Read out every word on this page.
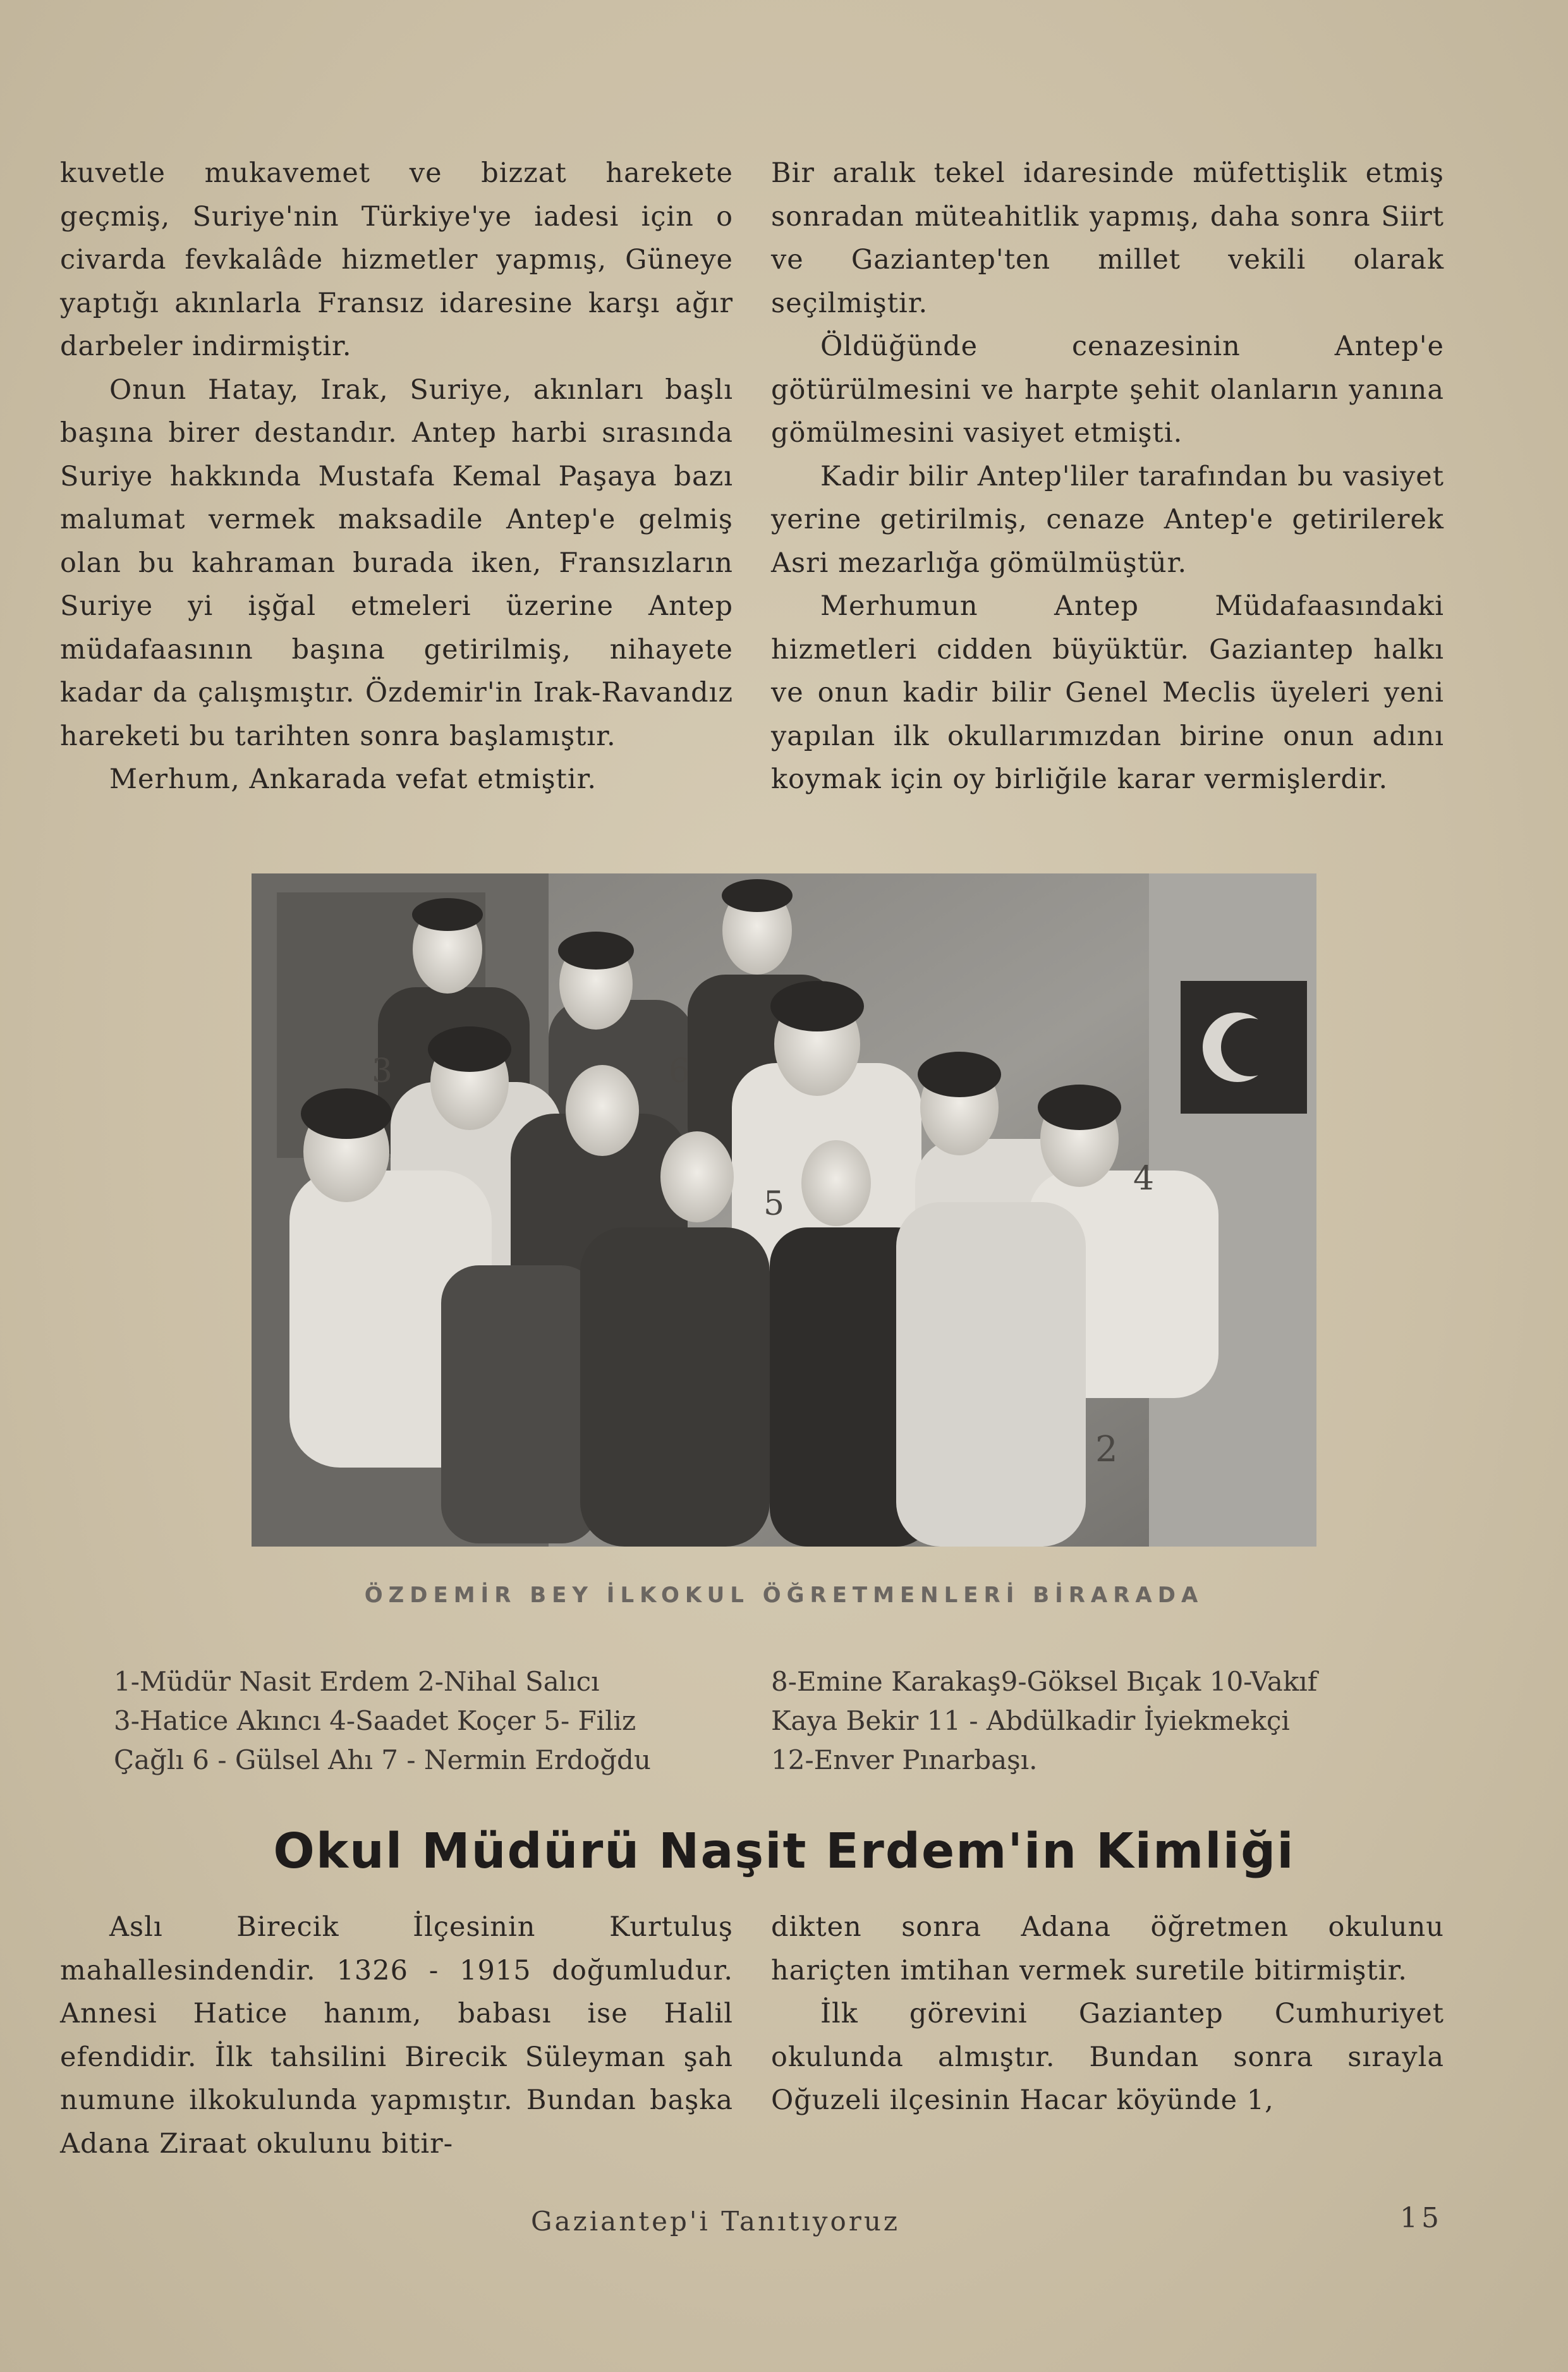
kuvetle mukavemet ve bizzat harekete geçmiş, Suriye'nin Türkiye'ye iadesi için o civarda fevkalâde hizmetler yapmış, Güneye yaptığı akınlarla Fransız idaresine karşı ağır darbeler indirmiştir.

Onun Hatay, Irak, Suriye, akınları başlı başına birer destandır. Antep harbi sırasında Suriye hakkında Mustafa Kemal Paşaya bazı malumat vermek maksadile Antep'e gelmiş olan bu kahraman burada iken, Fransızların Suriye yi işğal etmeleri üzerine Antep müdafaasının başına getirilmiş, nihayete kadar da çalışmıştır. Özdemir'in Irak-Ravandız hareketi bu tarihten sonra başlamıştır.

Merhum, Ankarada vefat etmiştir.

Bir aralık tekel idaresinde müfettişlik etmiş sonradan müteahitlik yapmış, daha sonra Siirt ve Gaziantep'ten millet vekili olarak seçilmiştir.

Öldüğünde cenazesinin Antep'e götürülmesini ve harpte şehit olanların yanına gömülmesini vasiyet etmişti.

Kadir bilir Antep'liler tarafından bu vasiyet yerine getirilmiş, cenaze Antep'e getirilerek Asri mezarlığa gömülmüştür.

Merhumun Antep Müdafaasındaki hizmetleri cidden büyüktür. Gaziantep halkı ve onun kadir bilir Genel Meclis üyeleri yeni yapılan ilk okullarımızdan birine onun adını koymak için oy birliğile karar vermişlerdir.

3	6
5
4
2
ÖZDEMİR BEY İLKOKUL ÖĞRETMENLERİ BİRARADA
1-Müdür Nasit Erdem 2-Nihal Salıcı
3-Hatice Akıncı 4-Saadet Koçer 5- Filiz
Çağlı 6 - Gülsel Ahı 7 - Nermin Erdoğdu
8-Emine Karakaş9-Göksel Bıçak 10-Vakıf
Kaya Bekir 11 - Abdülkadir İyiekmekçi
12-Enver Pınarbaşı.
Okul Müdürü Naşit Erdem'in Kimliği

Aslı Birecik İlçesinin Kurtuluş mahallesindendir. 1326 - 1915 doğumludur. Annesi Hatice hanım, babası ise Halil efendidir. İlk tahsilini Birecik Süleyman şah numune ilkokulunda yapmıştır. Bundan başka Adana Ziraat okulunu bitir-

dikten sonra Adana öğretmen okulunu hariçten imtihan vermek suretile bitirmiştir.

İlk görevini Gaziantep Cumhuriyet okulunda almıştır. Bundan sonra sırayla Oğuzeli ilçesinin Hacar köyünde 1,

Gaziantep'i Tanıtıyoruz	15
